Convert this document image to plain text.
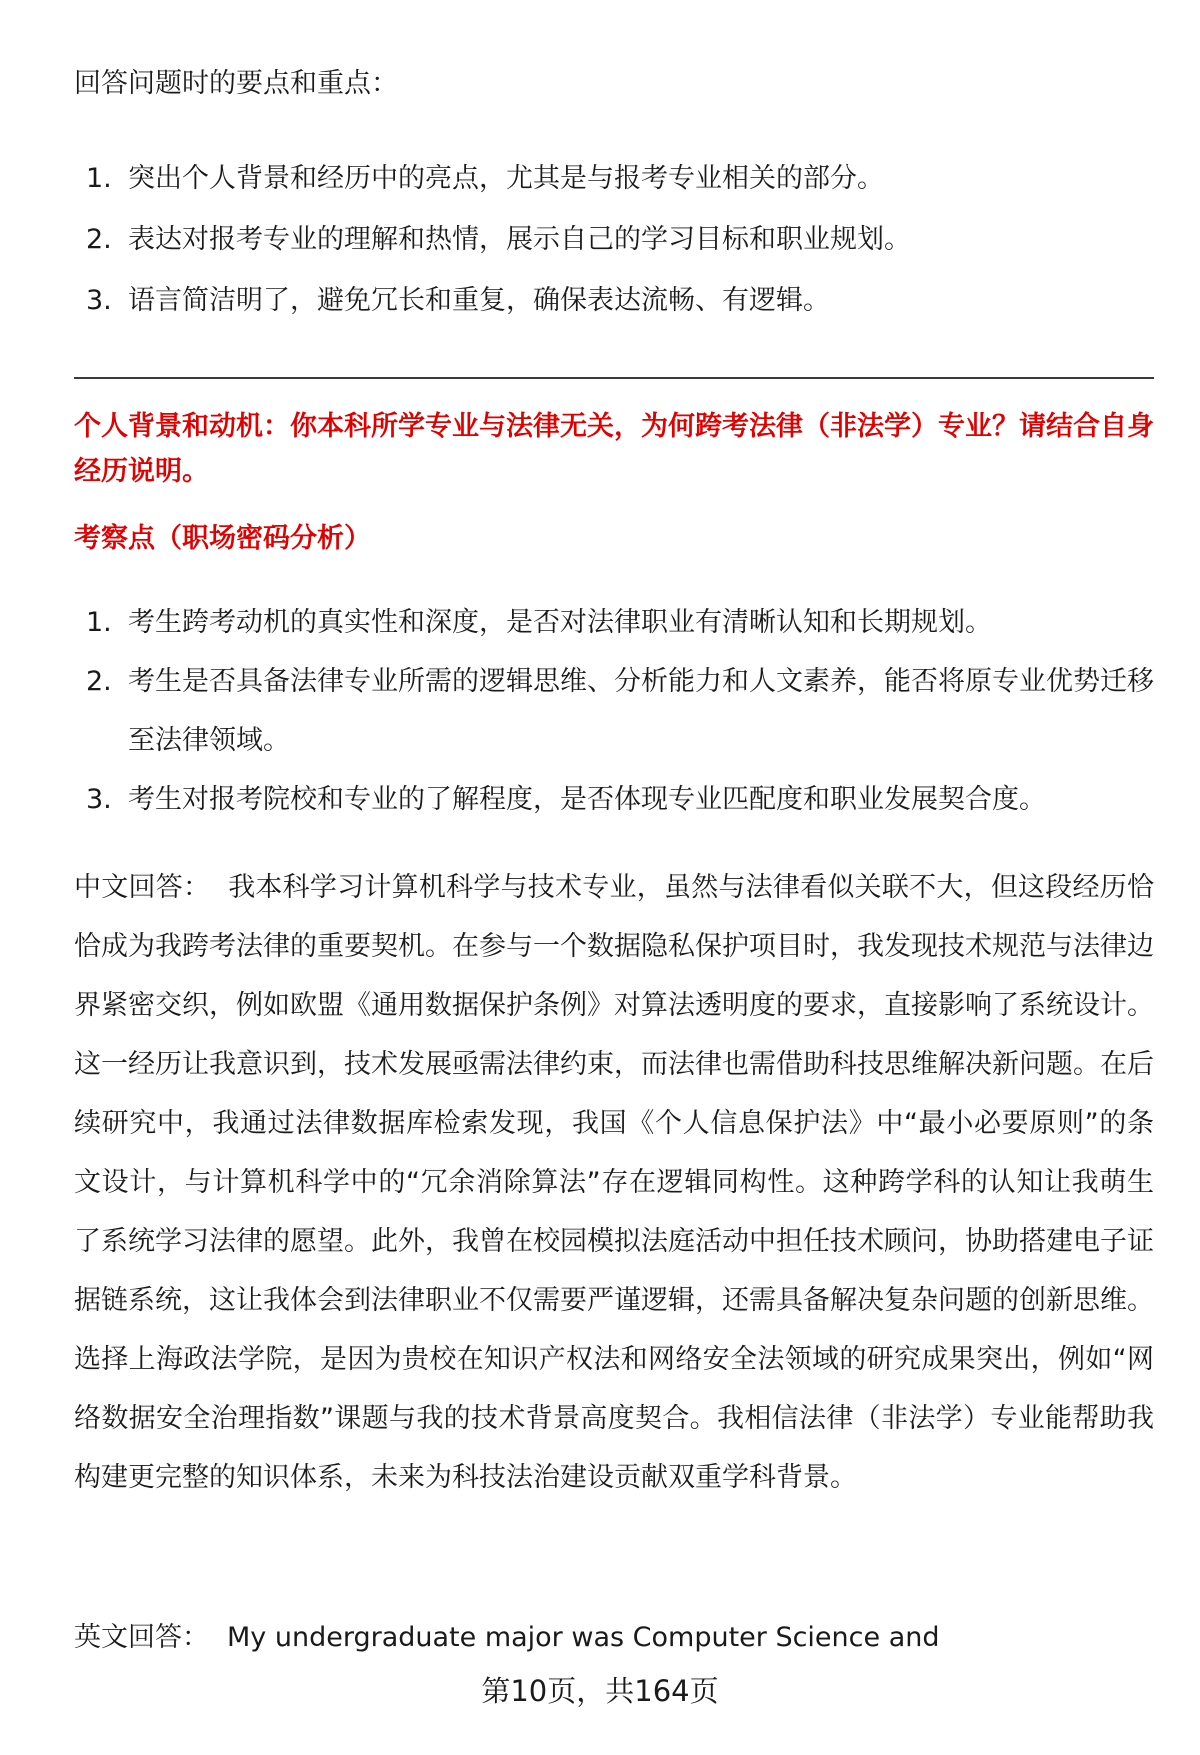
回答问题时的要点和重点：
1. 突出个人背景和经历中的亮点，尤其是与报考专业相关的部分。
2. 表达对报考专业的理解和热情，展示自己的学习目标和职业规划。
3. 语言简洁明了，避免冗长和重复，确保表达流畅、有逻辑。
个人背景和动机：你本科所学专业与法律无关，为何跨考法律（非法学）专业？请结合自身经历说明。
考察点（职场密码分析）
1. 考生跨考动机的真实性和深度，是否对法律职业有清晰认知和长期规划。
2. 考生是否具备法律专业所需的逻辑思维、分析能力和人文素养，能否将原专业优势迁移至法律领域。
3. 考生对报考院校和专业的了解程度，是否体现专业匹配度和职业发展契合度。
中文回答： 我本科学习计算机科学与技术专业，虽然与法律看似关联不大，但这段经历恰恰成为我跨考法律的重要契机。在参与一个数据隐私保护项目时，我发现技术规范与法律边界紧密交织，例如欧盟《通用数据保护条例》对算法透明度的要求，直接影响了系统设计。这一经历让我意识到，技术发展亟需法律约束，而法律也需借助科技思维解决新问题。在后续研究中，我通过法律数据库检索发现，我国《个人信息保护法》中“最小必要原则”的条文设计，与计算机科学中的“冗余消除算法”存在逻辑同构性。这种跨学科的认知让我萌生了系统学习法律的愿望。此外，我曾在校园模拟法庭活动中担任技术顾问，协助搭建电子证据链系统，这让我体会到法律职业不仅需要严谨逻辑，还需具备解决复杂问题的创新思维。选择上海政法学院，是因为贵校在知识产权法和网络安全法领域的研究成果突出，例如“网络数据安全治理指数”课题与我的技术背景高度契合。我相信法律（非法学）专业能帮助我构建更完整的知识体系，未来为科技法治建设贡献双重学科背景。
英文回答： My undergraduate major was Computer Science and
第10页，共164页
